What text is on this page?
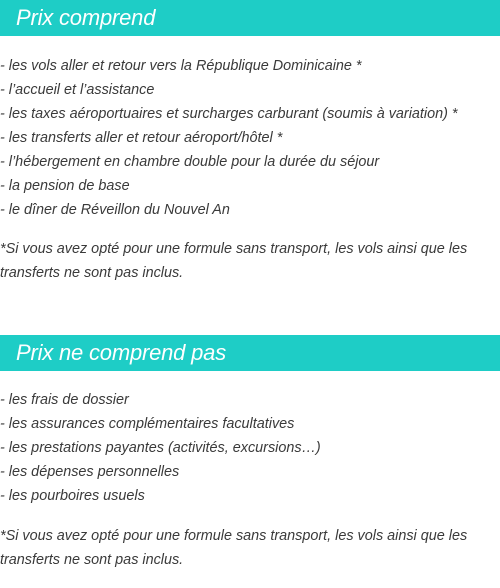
Prix comprend
- les vols aller et retour vers la République Dominicaine *
- l’accueil et l’assistance
- les taxes aéroportuaires et surcharges carburant (soumis à variation) *
- les transferts aller et retour aéroport/hôtel *
- l’hébergement en chambre double pour la durée du séjour
- la pension de base
- le dîner de Réveillon du Nouvel An

*Si vous avez opté pour une formule sans transport, les vols ainsi que les transferts ne sont pas inclus.

Prix ne comprend pas
- les frais de dossier
- les assurances complémentaires facultatives
- les prestations payantes (activités, excursions…)
- les dépenses personnelles
- les pourboires usuels

*Si vous avez opté pour une formule sans transport, les vols ainsi que les transferts ne sont pas inclus.
